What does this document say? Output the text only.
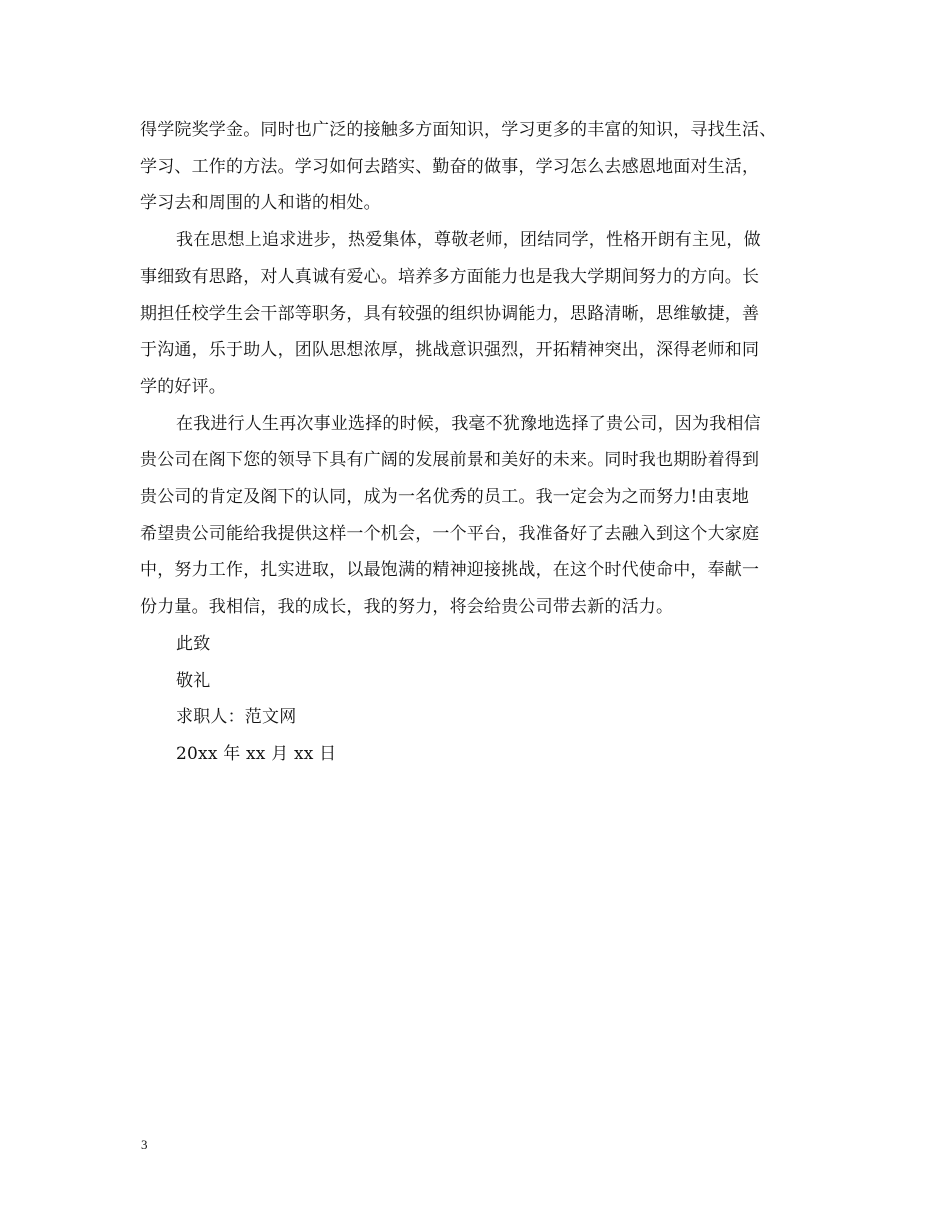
得学院奖学金。同时也广泛的接触多方面知识，学习更多的丰富的知识，寻找生活、
学习、工作的方法。学习如何去踏实、勤奋的做事，学习怎么去感恩地面对生活，
学习去和周围的人和谐的相处。
我在思想上追求进步，热爱集体，尊敬老师，团结同学，性格开朗有主见，做
事细致有思路，对人真诚有爱心。培养多方面能力也是我大学期间努力的方向。长
期担任校学生会干部等职务，具有较强的组织协调能力，思路清晰，思维敏捷，善
于沟通，乐于助人，团队思想浓厚，挑战意识强烈，开拓精神突出，深得老师和同
学的好评。
在我进行人生再次事业选择的时候，我毫不犹豫地选择了贵公司，因为我相信
贵公司在阁下您的领导下具有广阔的发展前景和美好的未来。同时我也期盼着得到
贵公司的肯定及阁下的认同，成为一名优秀的员工。我一定会为之而努力!由衷地
希望贵公司能给我提供这样一个机会，一个平台，我准备好了去融入到这个大家庭
中，努力工作，扎实进取，以最饱满的精神迎接挑战，在这个时代使命中，奉献一
份力量。我相信，我的成长，我的努力，将会给贵公司带去新的活力。
此致
敬礼
求职人：范文网
20xx 年 xx 月 xx 日
3
